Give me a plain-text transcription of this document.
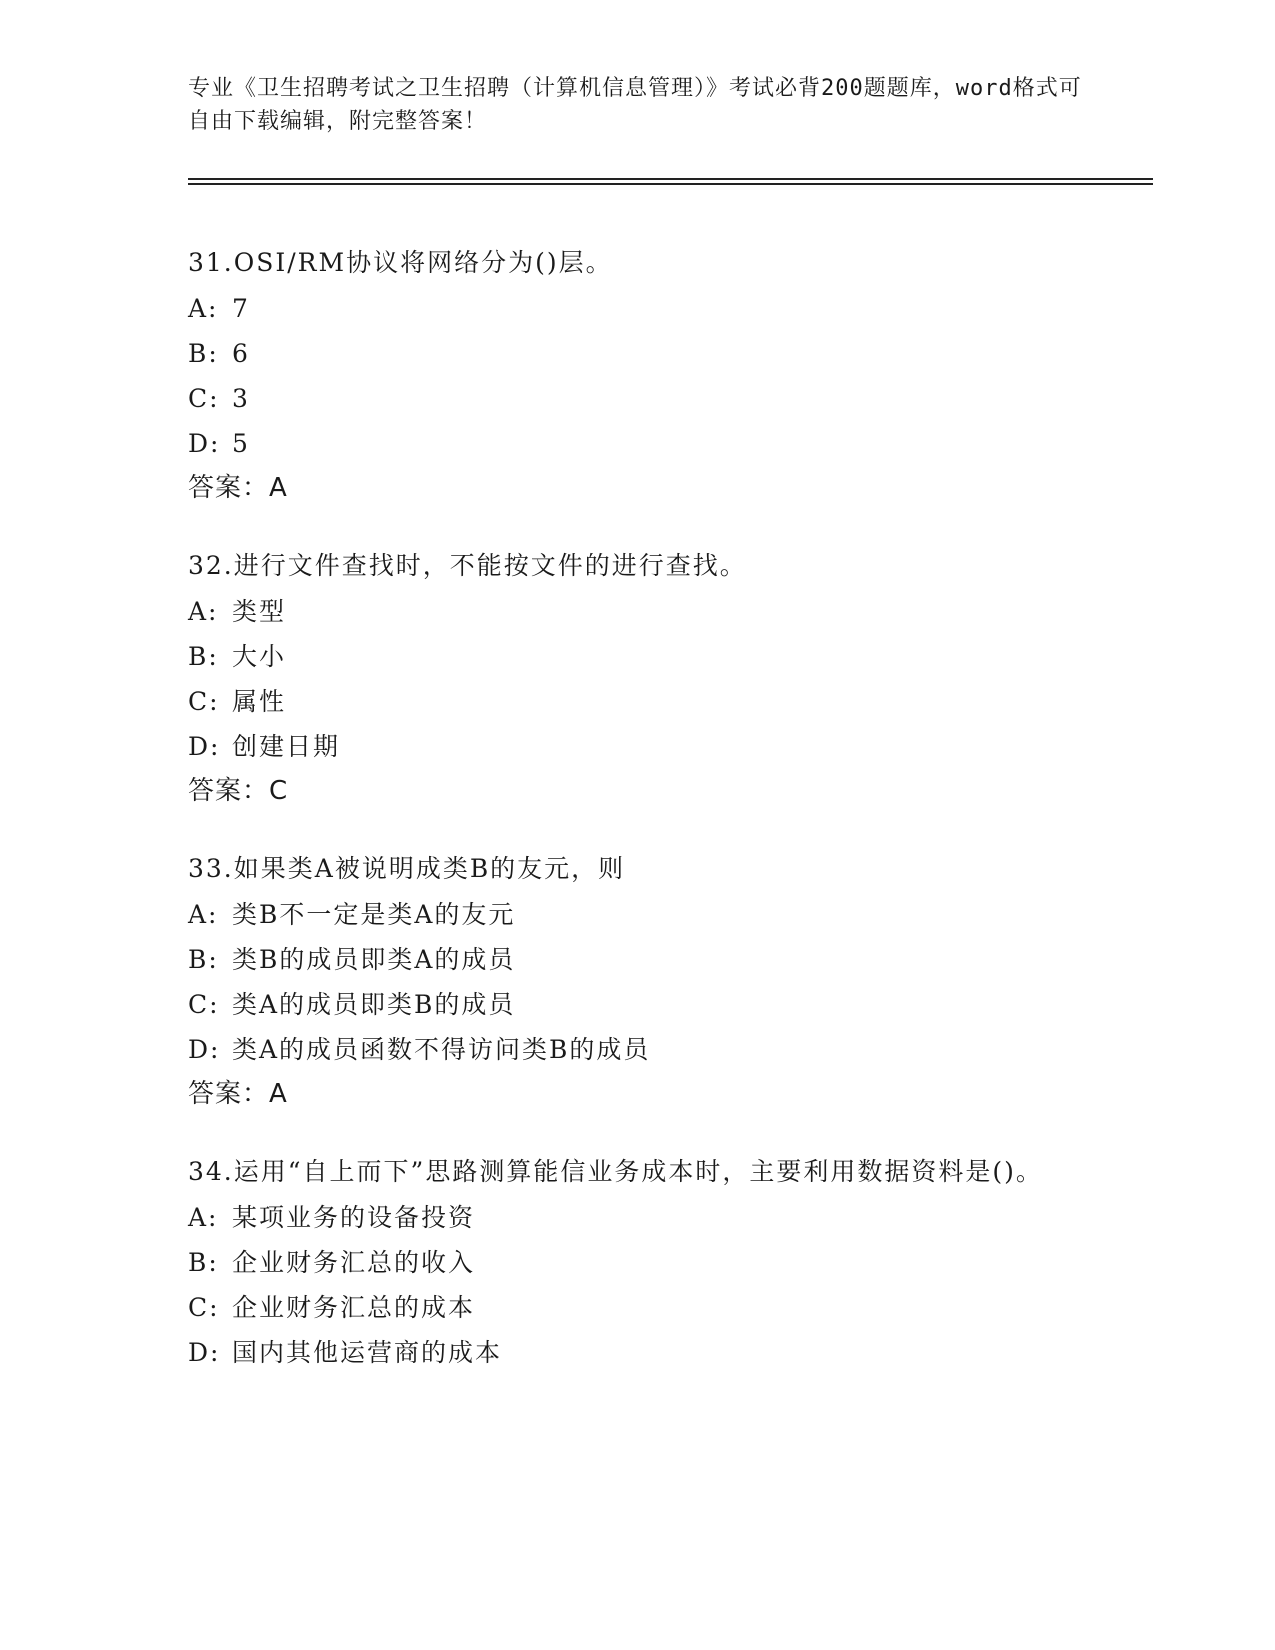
专业《卫生招聘考试之卫生招聘（计算机信息管理）》考试必背200题题库，word格式可自由下载编辑，附完整答案！
31.OSI/RM协议将网络分为()层。
A: 7
B: 6
C: 3
D: 5
答案：A
32.进行文件查找时，不能按文件的进行查找。
A: 类型
B: 大小
C: 属性
D: 创建日期
答案：C
33.如果类A被说明成类B的友元，则
A: 类B不一定是类A的友元
B: 类B的成员即类A的成员
C: 类A的成员即类B的成员
D: 类A的成员函数不得访问类B的成员
答案：A
34.运用“自上而下”思路测算能信业务成本时，主要利用数据资料是()。
A: 某项业务的设备投资
B: 企业财务汇总的收入
C: 企业财务汇总的成本
D: 国内其他运营商的成本
